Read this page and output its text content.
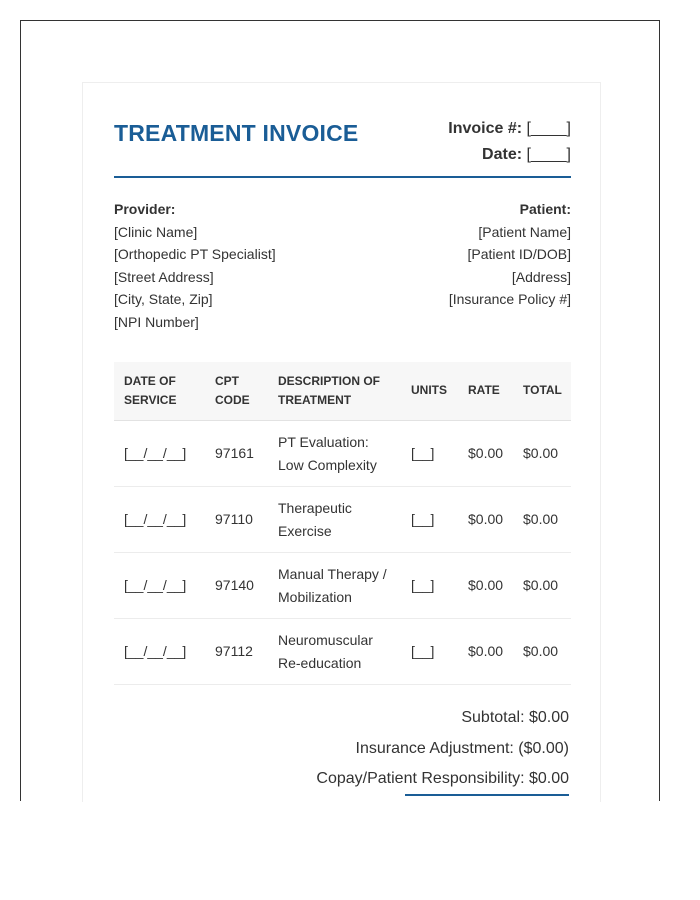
TREATMENT INVOICE	Invoice #: [____]
Date: [____]
Provider:
[Clinic Name]
[Orthopedic PT Specialist]
[Street Address]
[City, State, Zip]
[NPI Number]
Patient:
[Patient Name]
[Patient ID/DOB]
[Address]
[Insurance Policy #]
DATE OF
SERVICE
CPT
CODE
DESCRIPTION OF
TREATMENT
UNITS RATE TOTAL
[__/__/__] 97161
PT Evaluation:
Low Complexity
[__] $0.00 $0.00
[__/__/__] 97110
Therapeutic
Exercise
[__] $0.00 $0.00
[__/__/__] 97140
Manual Therapy /
Mobilization
[__] $0.00 $0.00
[__/__/__] 97112
Neuromuscular
Re-education
[__] $0.00 $0.00
Subtotal: $0.00
Insurance Adjustment: ($0.00)
Copay/Patient Responsibility: $0.00
